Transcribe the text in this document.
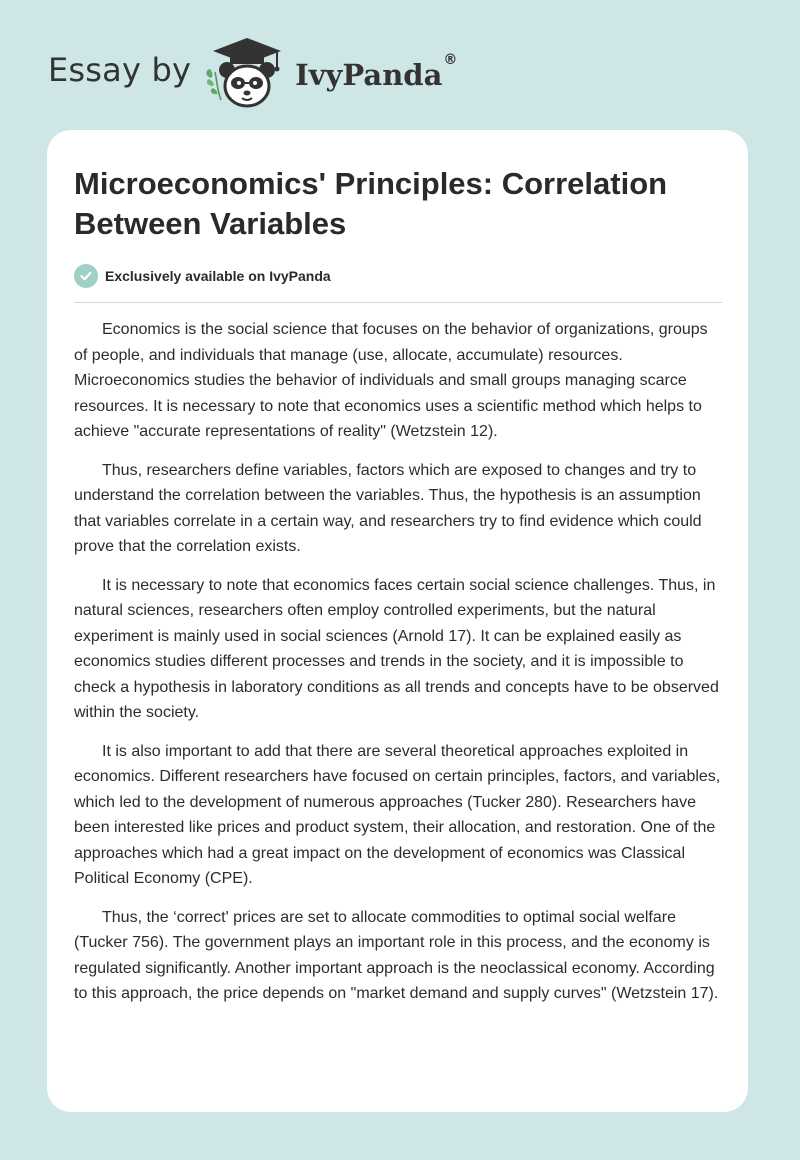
Essay by	IvyPanda®
Microeconomics' Principles: Correlation Between Variables
Exclusively available on IvyPanda

Economics is the social science that focuses on the behavior of organizations, groups of people, and individuals that manage (use, allocate, accumulate) resources. Microeconomics studies the behavior of individuals and small groups managing scarce resources. It is necessary to note that economics uses a scientific method which helps to achieve "accurate representations of reality" (Wetzstein 12).

Thus, researchers define variables, factors which are exposed to changes and try to understand the correlation between the variables. Thus, the hypothesis is an assumption that variables correlate in a certain way, and researchers try to find evidence which could prove that the correlation exists.

It is necessary to note that economics faces certain social science challenges. Thus, in natural sciences, researchers often employ controlled experiments, but the natural experiment is mainly used in social sciences (Arnold 17). It can be explained easily as economics studies different processes and trends in the society, and it is impossible to check a hypothesis in laboratory conditions as all trends and concepts have to be observed within the society.

It is also important to add that there are several theoretical approaches exploited in economics. Different researchers have focused on certain principles, factors, and variables, which led to the development of numerous approaches (Tucker 280). Researchers have been interested like prices and product system, their allocation, and restoration. One of the approaches which had a great impact on the development of economics was Classical Political Economy (CPE).

Thus, the ‘correct' prices are set to allocate commodities to optimal social welfare (Tucker 756). The government plays an important role in this process, and the economy is regulated significantly. Another important approach is the neoclassical economy. According to this approach, the price depends on "market demand and supply curves" (Wetzstein 17).
